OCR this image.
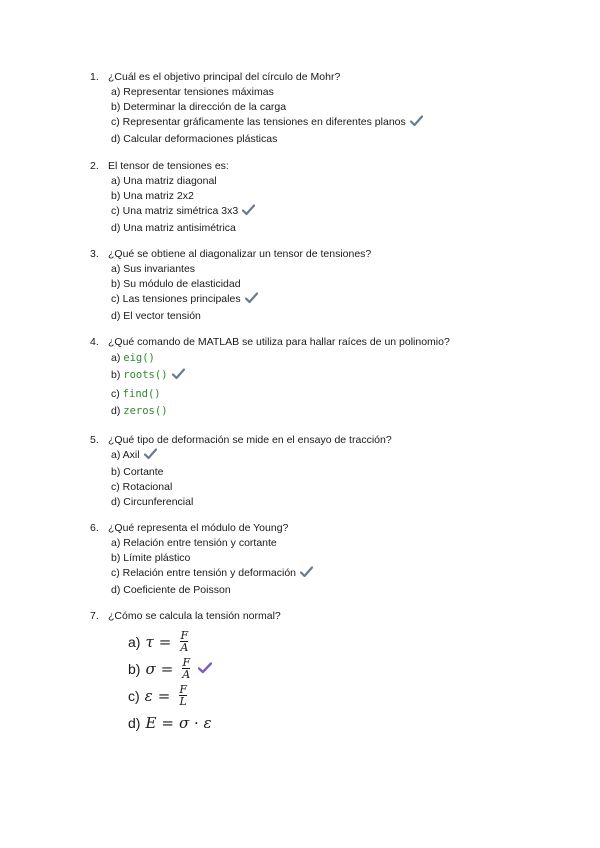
1. ¿Cuál es el objetivo principal del círculo de Mohr?
a) Representar tensiones máximas
b) Determinar la dirección de la carga
c) Representar gráficamente las tensiones en diferentes planos
d) Calcular deformaciones plásticas
2. El tensor de tensiones es:
a) Una matriz diagonal
b) Una matriz 2x2
c) Una matriz simétrica 3x3
d) Una matriz antisimétrica
3. ¿Qué se obtiene al diagonalizar un tensor de tensiones?
a) Sus invariantes
b) Su módulo de elasticidad
c) Las tensiones principales
d) El vector tensión
4. ¿Qué comando de MATLAB se utiliza para hallar raíces de un polinomio?
a) eig()
b) roots()
c) find()
d) zeros()
5. ¿Qué tipo de deformación se mide en el ensayo de tracción?
a) Axil
b) Cortante
c) Rotacional
d) Circunferencial
6. ¿Qué representa el módulo de Young?
a) Relación entre tensión y cortante
b) Límite plástico
c) Relación entre tensión y deformación
d) Coeficiente de Poisson
7. ¿Cómo se calcula la tensión normal?
a) $\tau = \frac{F}{A}$
b) $\sigma = \frac{F}{A}$
c) $\varepsilon = \frac{F}{L}$
d) E = σ · ε
